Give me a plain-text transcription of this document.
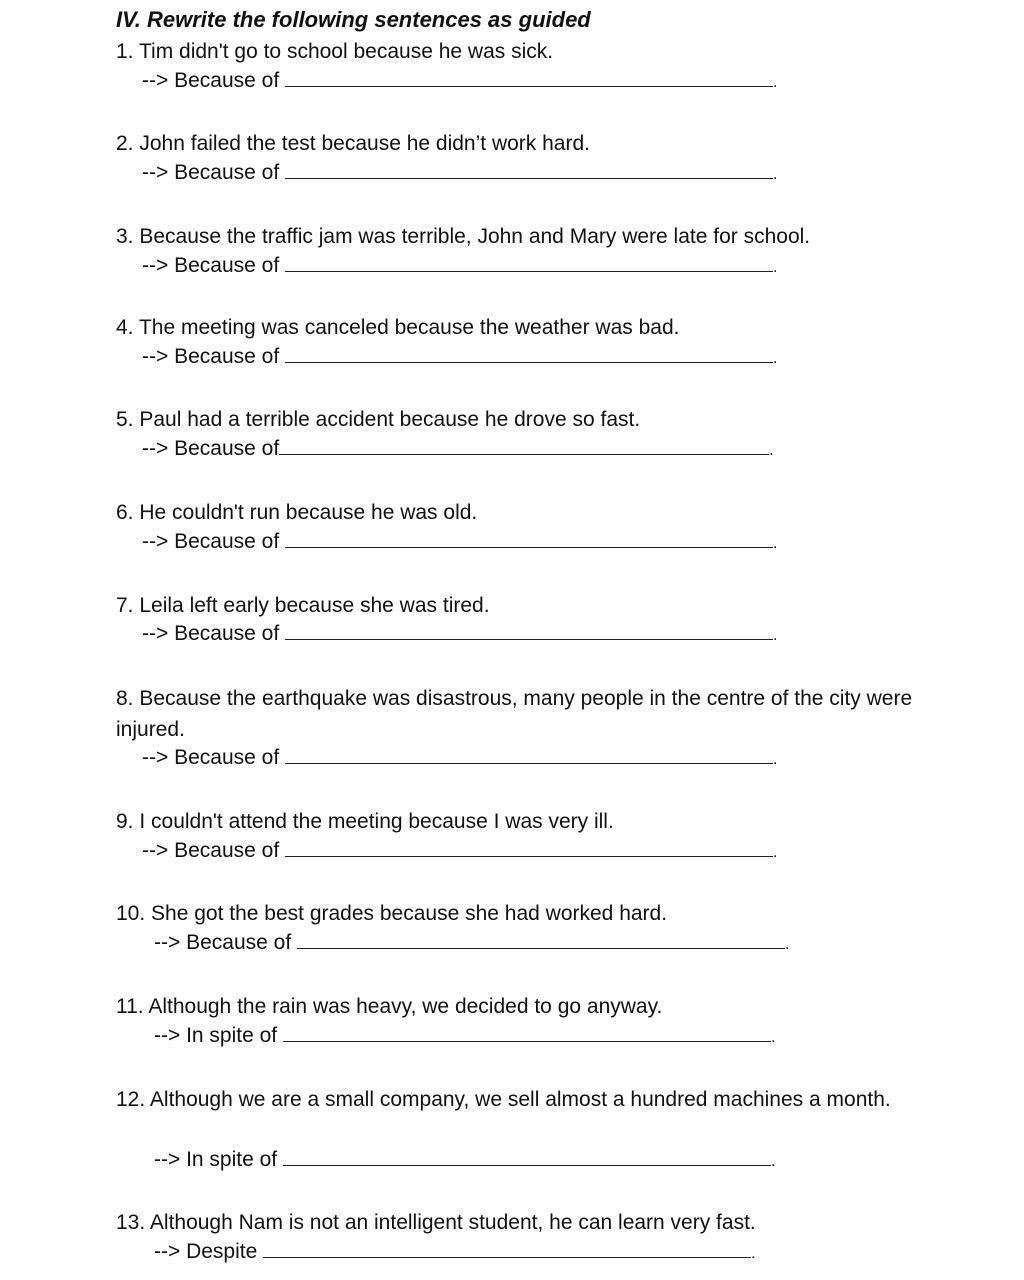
IV. Rewrite the following sentences as guided
1. Tim didn't go to school because he was sick.
--> Because of	.
2. John failed the test because he didn’t work hard.
--> Because of	.
3. Because the traffic jam was terrible, John and Mary were late for school.
--> Because of	.
4. The meeting was canceled because the weather was bad.
--> Because of	.
5. Paul had a terrible accident because he drove so fast.
--> Because of	.
6. He couldn't run because he was old.
--> Because of	.
7. Leila left early because she was tired.
--> Because of	.
8. Because the earthquake was disastrous, many people in the centre of the city were injured.
--> Because of	.
9. I couldn't attend the meeting because I was very ill.
--> Because of	.
10. She got the best grades because she had worked hard.
--> Because of	.
11. Although the rain was heavy, we decided to go anyway.
--> In spite of	.
12. Although we are a small company, we sell almost a hundred machines a month.
--> In spite of	.
13. Although Nam is not an intelligent student, he can learn very fast.
--> Despite	.
